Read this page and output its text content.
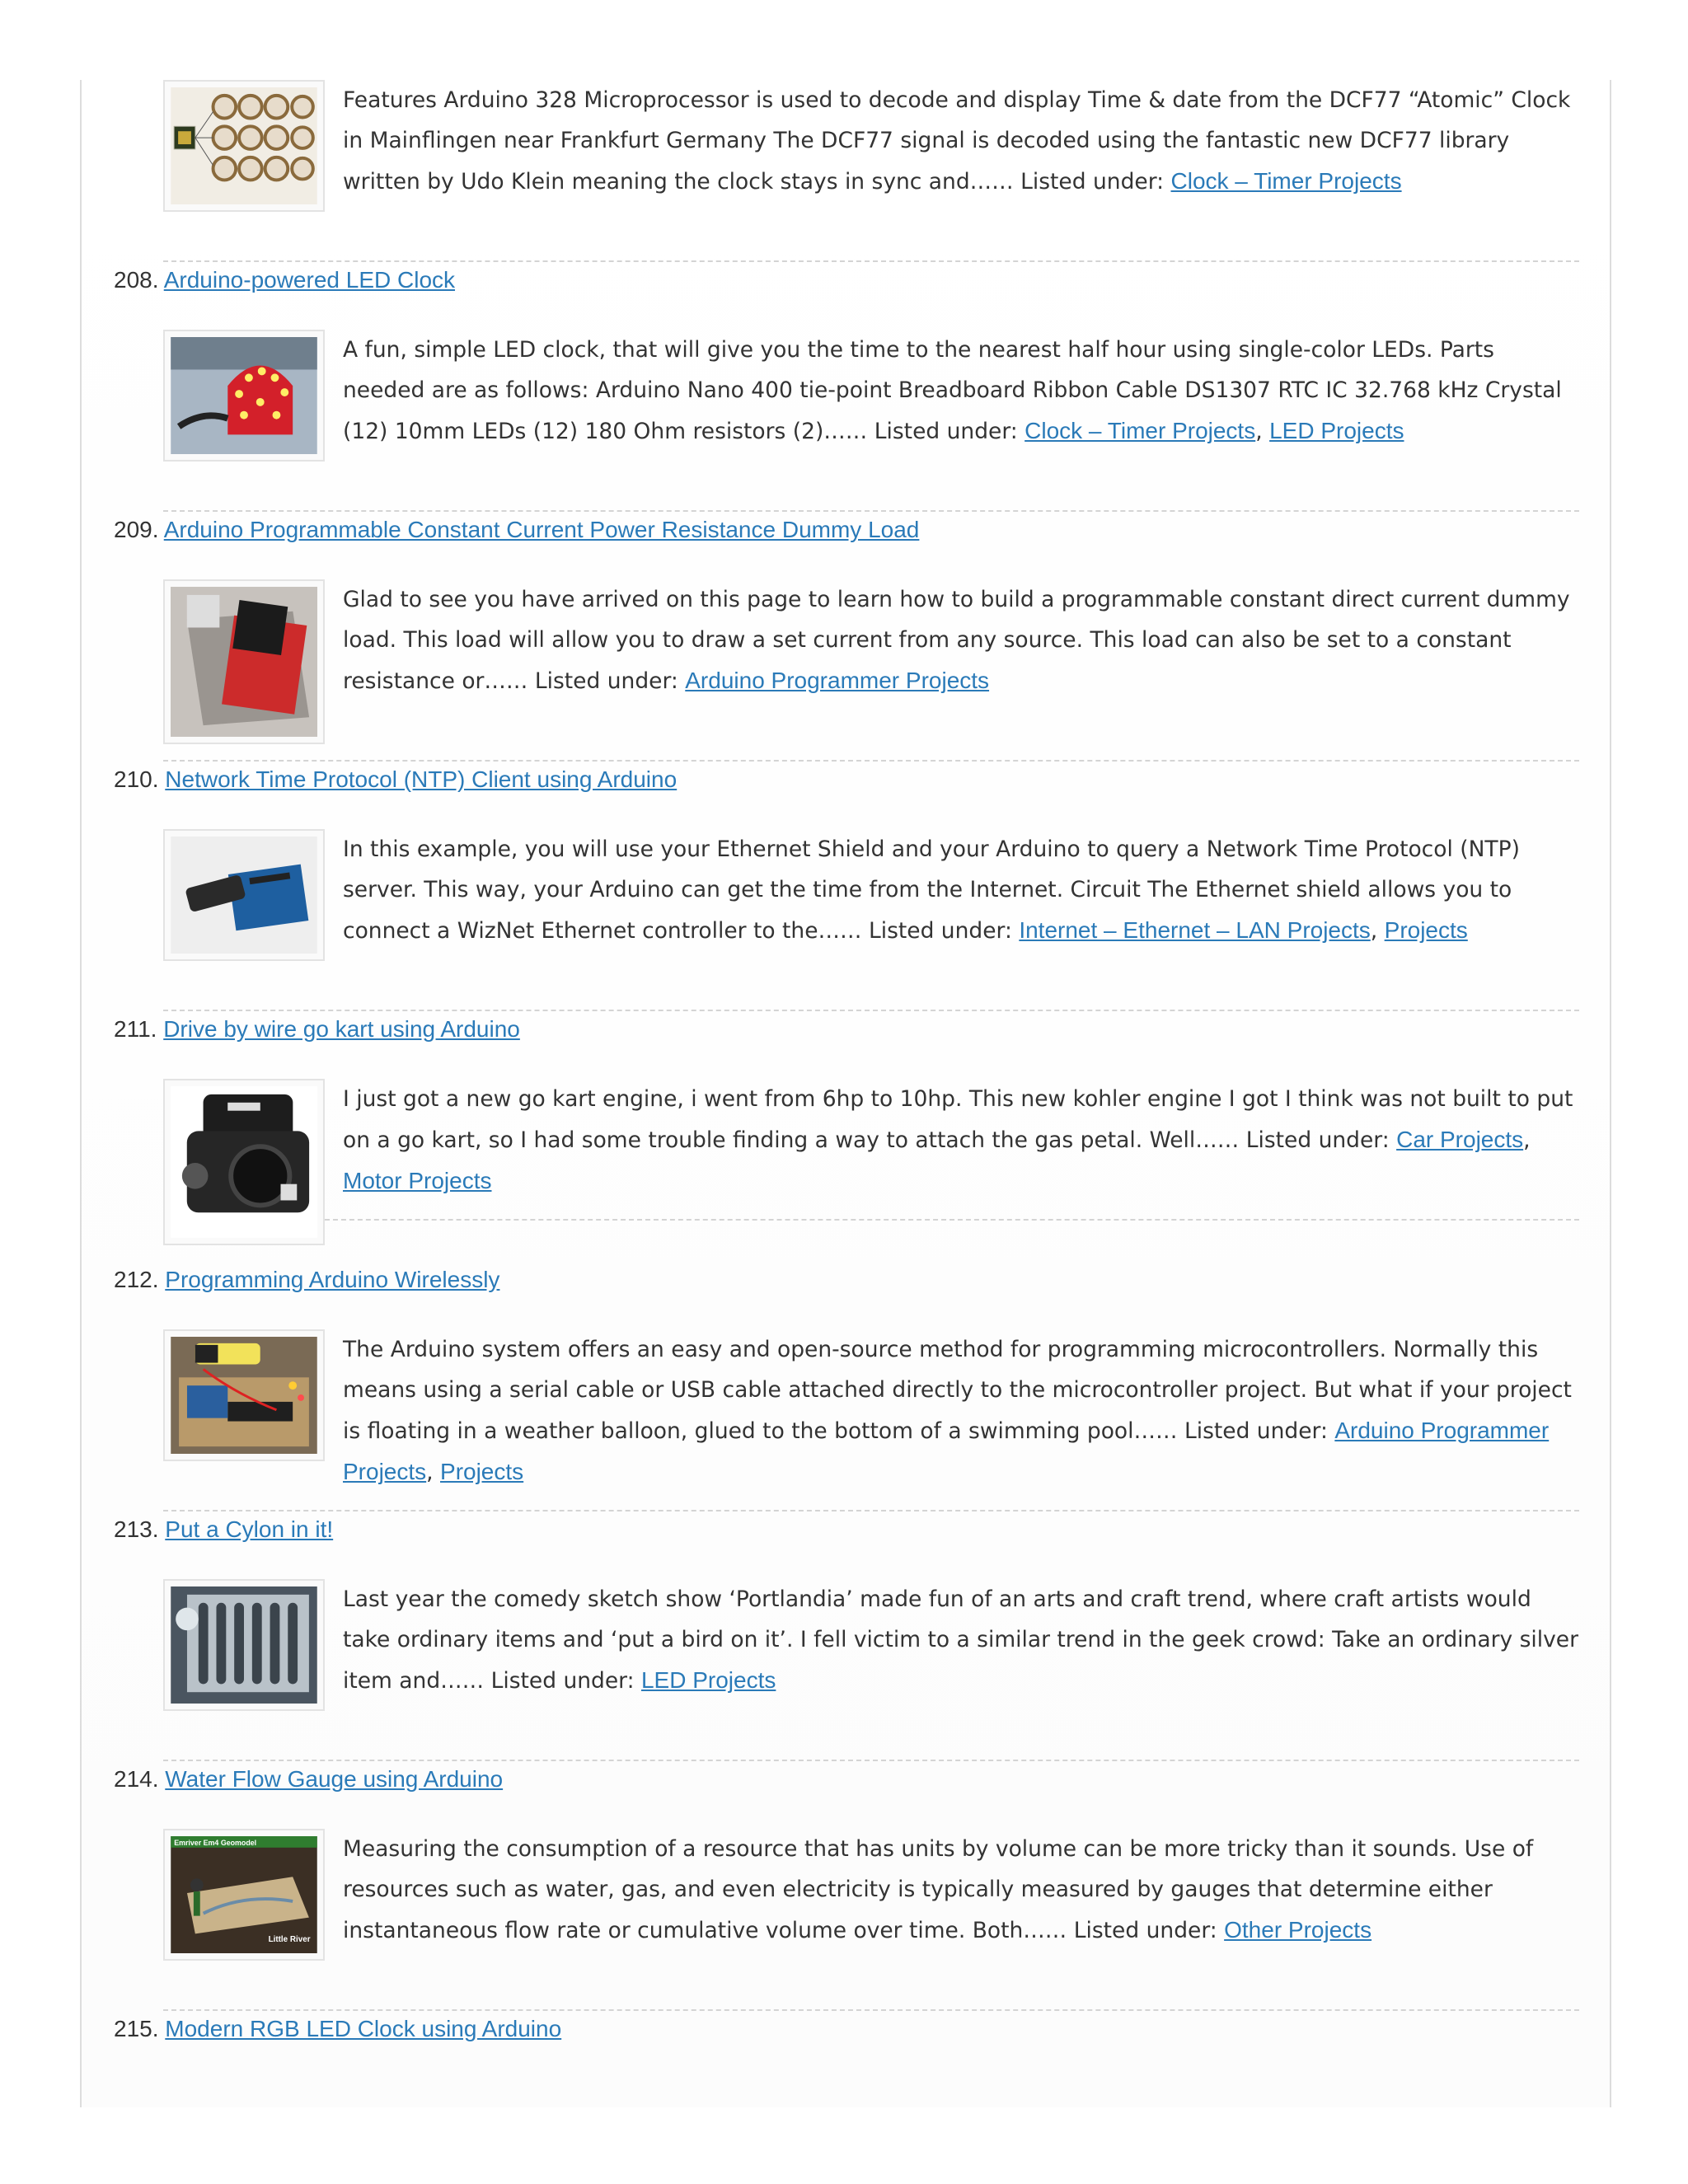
Features Arduino 328 Microprocessor is used to decode and display Time & date from the DCF77 “Atomic” Clock in Mainflingen near Frankfurt Germany The DCF77 signal is decoded using the fantastic new DCF77 library written by Udo Klein meaning the clock stays in sync and…… Listed under: Clock – Timer Projects
208. Arduino-powered LED Clock
A fun, simple LED clock, that will give you the time to the nearest half hour using single-color LEDs. Parts needed are as follows: Arduino Nano 400 tie-point Breadboard Ribbon Cable DS1307 RTC IC 32.768 kHz Crystal (12) 10mm LEDs (12) 180 Ohm resistors (2)…… Listed under: Clock – Timer Projects, LED Projects
209. Arduino Programmable Constant Current Power Resistance Dummy Load
Glad to see you have arrived on this page to learn how to build a programmable constant direct current dummy load. This load will allow you to draw a set current from any source. This load can also be set to a constant resistance or…… Listed under: Arduino Programmer Projects
210. Network Time Protocol (NTP) Client using Arduino
In this example, you will use your Ethernet Shield and your Arduino to query a Network Time Protocol (NTP) server. This way, your Arduino can get the time from the Internet. Circuit The Ethernet shield allows you to connect a WizNet Ethernet controller to the…… Listed under: Internet – Ethernet – LAN Projects, Projects
211. Drive by wire go kart using Arduino
I just got a new go kart engine, i went from 6hp to 10hp. This new kohler engine I got I think was not built to put on a go kart, so I had some trouble finding a way to attach the gas petal. Well…… Listed under: Car Projects, Motor Projects
212. Programming Arduino Wirelessly
The Arduino system offers an easy and open-source method for programming microcontrollers. Normally this means using a serial cable or USB cable attached directly to the microcontroller project. But what if your project is floating in a weather balloon, glued to the bottom of a swimming pool…… Listed under: Arduino Programmer Projects, Projects
213. Put a Cylon in it!
Last year the comedy sketch show ‘Portlandia’ made fun of an arts and craft trend, where craft artists would take ordinary items and ‘put a bird on it’. I fell victim to a similar trend in the geek crowd: Take an ordinary silver item and…… Listed under: LED Projects
214. Water Flow Gauge using Arduino
Emriver Em4 Geomodel
Little River
Measuring the consumption of a resource that has units by volume can be more tricky than it sounds. Use of resources such as water, gas, and even electricity is typically measured by gauges that determine either instantaneous flow rate or cumulative volume over time. Both…… Listed under: Other Projects
215. Modern RGB LED Clock using Arduino
